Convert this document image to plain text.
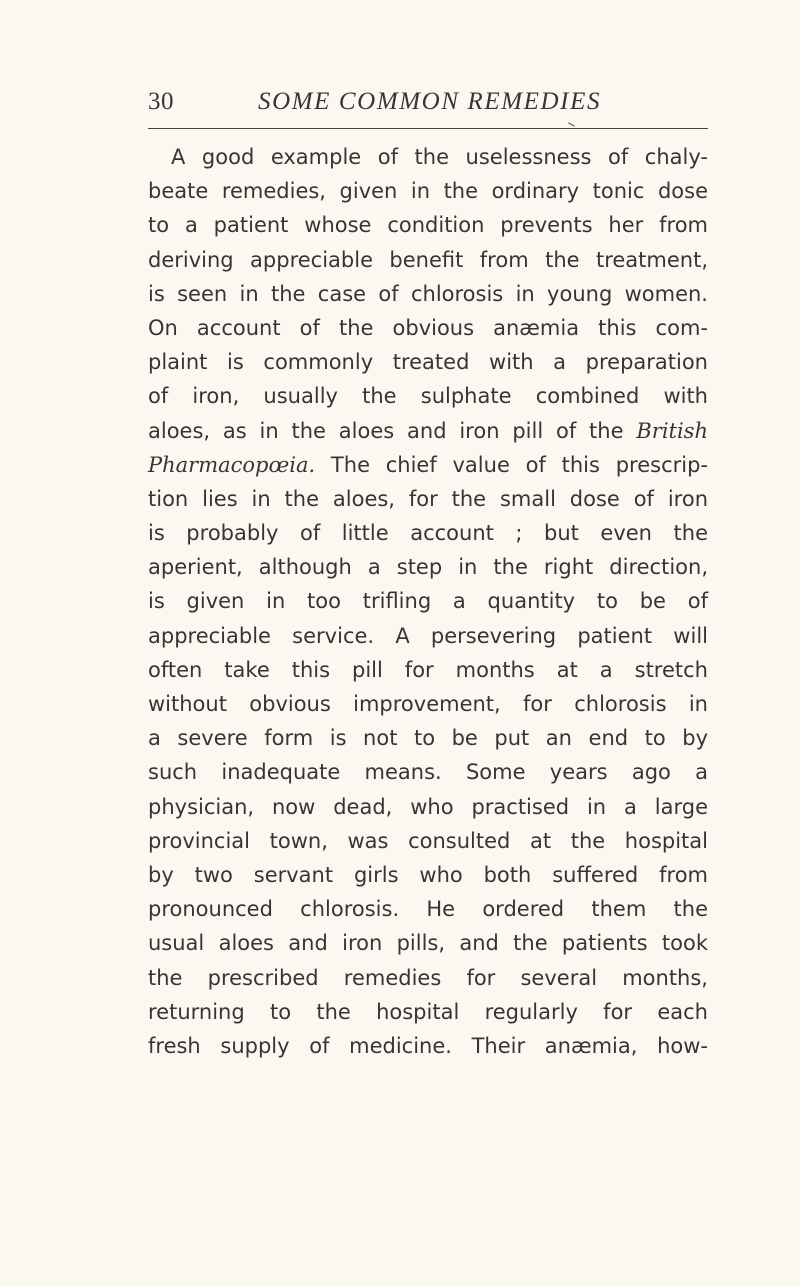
30	SOME COMMON REMEDIES
A good example of the uselessness of chaly-
beate remedies, given in the ordinary tonic dose
to a patient whose condition prevents her from
deriving appreciable benefit from the treatment,
is seen in the case of chlorosis in young women.
On account of the obvious anæmia this com-
plaint is commonly treated with a preparation
of iron, usually the sulphate combined with
aloes, as in the aloes and iron pill of the British
Pharmacopœia. The chief value of this prescrip-
tion lies in the aloes, for the small dose of iron
is probably of little account ; but even the
aperient, although a step in the right direction,
is given in too trifling a quantity to be of
appreciable service. A persevering patient will
often take this pill for months at a stretch
without obvious improvement, for chlorosis in
a severe form is not to be put an end to by
such inadequate means. Some years ago a
physician, now dead, who practised in a large
provincial town, was consulted at the hospital
by two servant girls who both suffered from
pronounced chlorosis. He ordered them the
usual aloes and iron pills, and the patients took
the prescribed remedies for several months,
returning to the hospital regularly for each
fresh supply of medicine. Their anæmia, how-
